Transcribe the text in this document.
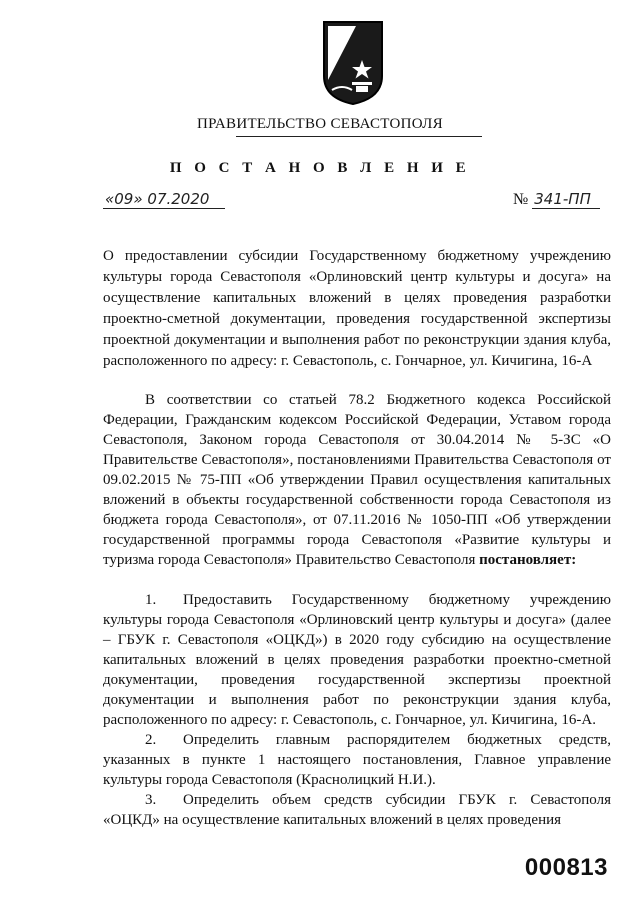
ПРАВИТЕЛЬСТВО СЕВАСТОПОЛЯ
П О С Т А Н О В Л Е Н И Е
«09» 07.2020	№ 341-ПП
О предоставлении субсидии Государственному бюджетному учреждению культуры города Севастополя «Орлиновский центр культуры и досуга» на осуществление капитальных вложений в целях проведения разработки проектно-сметной документации, проведения государственной экспертизы проектной документации и выполнения работ по реконструкции здания клуба, расположенного по адресу: г. Севастополь, с. Гончарное, ул. Кичигина, 16-А

В соответствии со статьей 78.2 Бюджетного кодекса Российской Федерации, Гражданским кодексом Российской Федерации, Уставом города Севастополя, Законом города Севастополя от 30.04.2014 № 5-ЗС «О Правительстве Севастополя», постановлениями Правительства Севастополя от 09.02.2015 № 75-ПП «Об утверждении Правил осуществления капитальных вложений в объекты государственной собственности города Севастополя из бюджета города Севастополя», от 07.11.2016 № 1050-ПП «Об утверждении государственной программы города Севастополя «Развитие культуры и туризма города Севастополя» Правительство Севастополя постановляет:

1. Предоставить Государственному бюджетному учреждению культуры города Севастополя «Орлиновский центр культуры и досуга» (далее – ГБУК г. Севастополя «ОЦКД») в 2020 году субсидию на осуществление капитальных вложений в целях проведения разработки проектно-сметной документации, проведения государственной экспертизы проектной документации и выполнения работ по реконструкции здания клуба, расположенного по адресу: г. Севастополь, с. Гончарное, ул. Кичигина, 16-А.

2. Определить главным распорядителем бюджетных средств, указанных в пункте 1 настоящего постановления, Главное управление культуры города Севастополя (Краснолицкий Н.И.).

3. Определить объем средств субсидии ГБУК г. Севастополя «ОЦКД» на осуществление капитальных вложений в целях проведения

000813
